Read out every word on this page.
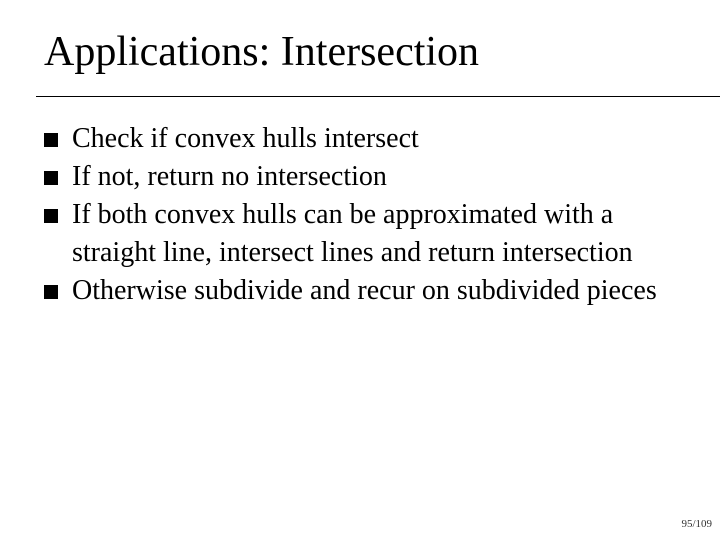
Applications: Intersection
Check if convex hulls intersect
If not, return no intersection
If both convex hulls can be approximated with a straight line, intersect lines and return intersection
Otherwise subdivide and recur on subdivided pieces
95/109
